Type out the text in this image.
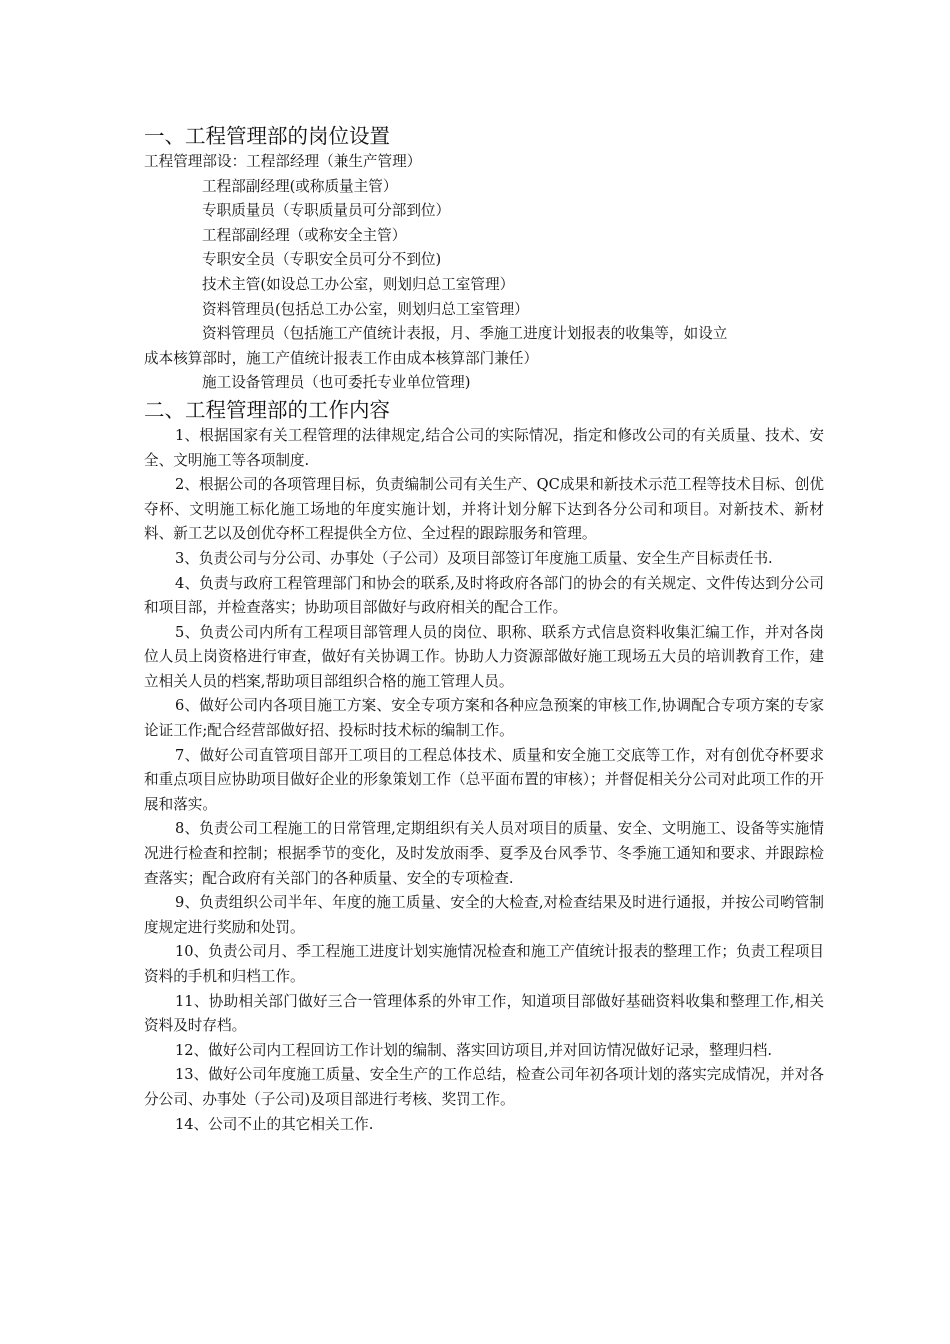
一、工程管理部的岗位设置

工程管理部设：工程部经理（兼生产管理）

工程部副经理(或称质量主管）

专职质量员（专职质量员可分部到位）

工程部副经理（或称安全主管）

专职安全员（专职安全员可分不到位)

技术主管(如设总工办公室，则划归总工室管理）

资料管理员(包括总工办公室，则划归总工室管理）

资料管理员（包括施工产值统计表报，月、季施工进度计划报表的收集等，如设立

成本核算部时，施工产值统计报表工作由成本核算部门兼任）

施工设备管理员（也可委托专业单位管理)

二、工程管理部的工作内容

1、根据国家有关工程管理的法律规定,结合公司的实际情况，指定和修改公司的有关质量、技术、安全、文明施工等各项制度.

2、根据公司的各项管理目标，负责编制公司有关生产、QC成果和新技术示范工程等技术目标、创优夺杯、文明施工标化施工场地的年度实施计划，并将计划分解下达到各分公司和项目。对新技术、新材料、新工艺以及创优夺杯工程提供全方位、全过程的跟踪服务和管理。

3、负责公司与分公司、办事处（子公司）及项目部签订年度施工质量、安全生产目标责任书.

4、负责与政府工程管理部门和协会的联系,及时将政府各部门的协会的有关规定、文件传达到分公司和项目部，并检查落实；协助项目部做好与政府相关的配合工作。

5、负责公司内所有工程项目部管理人员的岗位、职称、联系方式信息资料收集汇编工作，并对各岗位人员上岗资格进行审查，做好有关协调工作。协助人力资源部做好施工现场五大员的培训教育工作，建立相关人员的档案,帮助项目部组织合格的施工管理人员。

6、做好公司内各项目施工方案、安全专项方案和各种应急预案的审核工作,协调配合专项方案的专家论证工作;配合经营部做好招、投标时技术标的编制工作。

7、做好公司直管项目部开工项目的工程总体技术、质量和安全施工交底等工作，对有创优夺杯要求和重点项目应协助项目做好企业的形象策划工作（总平面布置的审核）；并督促相关分公司对此项工作的开展和落实。

8、负责公司工程施工的日常管理,定期组织有关人员对项目的质量、安全、文明施工、设备等实施情况进行检查和控制；根据季节的变化，及时发放雨季、夏季及台风季节、冬季施工通知和要求、并跟踪检查落实；配合政府有关部门的各种质量、安全的专项检查.

9、负责组织公司半年、年度的施工质量、安全的大检查,对检查结果及时进行通报，并按公司哟管制度规定进行奖励和处罚。

10、负责公司月、季工程施工进度计划实施情况检查和施工产值统计报表的整理工作；负责工程项目资料的手机和归档工作。

11、协助相关部门做好三合一管理体系的外审工作，知道项目部做好基础资料收集和整理工作,相关资料及时存档。

12、做好公司内工程回访工作计划的编制、落实回访项目,并对回访情况做好记录，整理归档.

13、做好公司年度施工质量、安全生产的工作总结，检查公司年初各项计划的落实完成情况，并对各分公司、办事处（子公司)及项目部进行考核、奖罚工作。

14、公司不止的其它相关工作.
